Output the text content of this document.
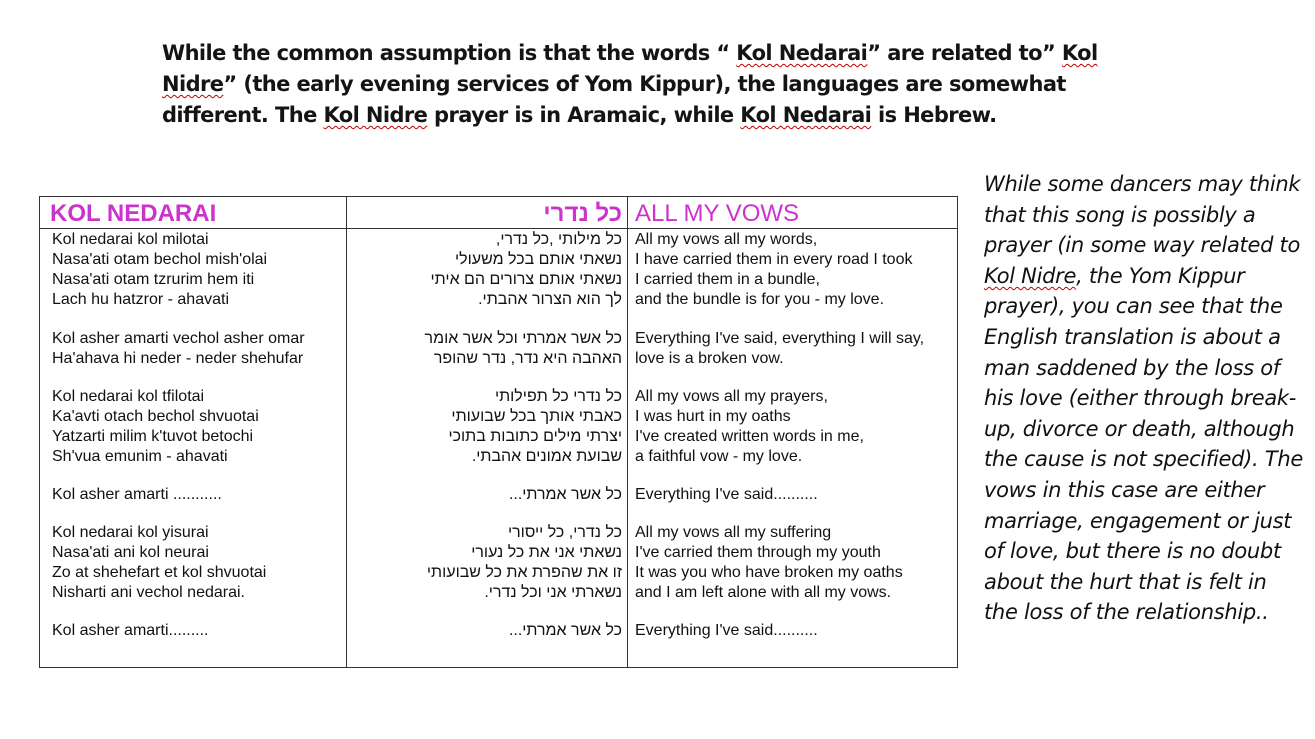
While the common assumption is that the words “ Kol Nedarai” are related to” Kol Nidre” (the early evening services of Yom Kippur), the languages are somewhat different. The Kol Nidre prayer is in Aramaic, while Kol Nedarai is Hebrew.

KOL NEDARAI
Kol nedarai kol milotai
Nasa'ati otam bechol mish'olai
Nasa'ati otam tzrurim hem iti
Lach hu hatzror - ahavati
Kol asher amarti vechol asher omar
Ha'ahava hi neder - neder shehufar
Kol nedarai kol tfilotai
Ka'avti otach bechol shvuotai
Yatzarti milim k'tuvot betochi
Sh'vua emunim - ahavati
Kol asher amarti ...........
Kol nedarai kol yisurai
Nasa'ati ani kol neurai
Zo at shehefart et kol shvuotai
Nisharti ani vechol nedarai.
Kol asher amarti.........
כל נדרי
כל מילותי ,כל נדרי,
נשאתי אותם בכל משעולי
נשאתי אותם צרורים הם איתי
לך הוא הצרור אהבתי.
כל אשר אמרתי וכל אשר אומר
האהבה היא נדר, נדר שהופר
כל נדרי כל תפילותי
כאבתי אותך בכל שבועותי
יצרתי מילים כתובות בתוכי
שבועת אמונים אהבתי.
כל אשר אמרתי...
כל נדרי, כל ייסורי
נשאתי אני את כל נעורי
זו את שהפרת את כל שבועותי
נשארתי אני וכל נדרי.
כל אשר אמרתי...
ALL MY VOWS
All my vows all my words,
I have carried them in every road I took
I carried them in a bundle,
and the bundle is for you - my love.
Everything I've said, everything I will say,
love is a broken vow.
All my vows all my prayers,
I was hurt in my oaths
I've created written words in me,
a faithful vow - my love.
Everything I've said..........
All my vows all my suffering
I've carried them through my youth
It was you who have broken my oaths
and I am left alone with all my vows.
Everything I've said..........

While some dancers may think that this song is possibly a prayer (in some way related to Kol Nidre, the Yom Kippur prayer), you can see that the English translation is about a man saddened by the loss of his love (either through break-up, divorce or death, although the cause is not specified). The vows in this case are either marriage, engagement or just of love, but there is no doubt about the hurt that is felt in the loss of the relationship..
